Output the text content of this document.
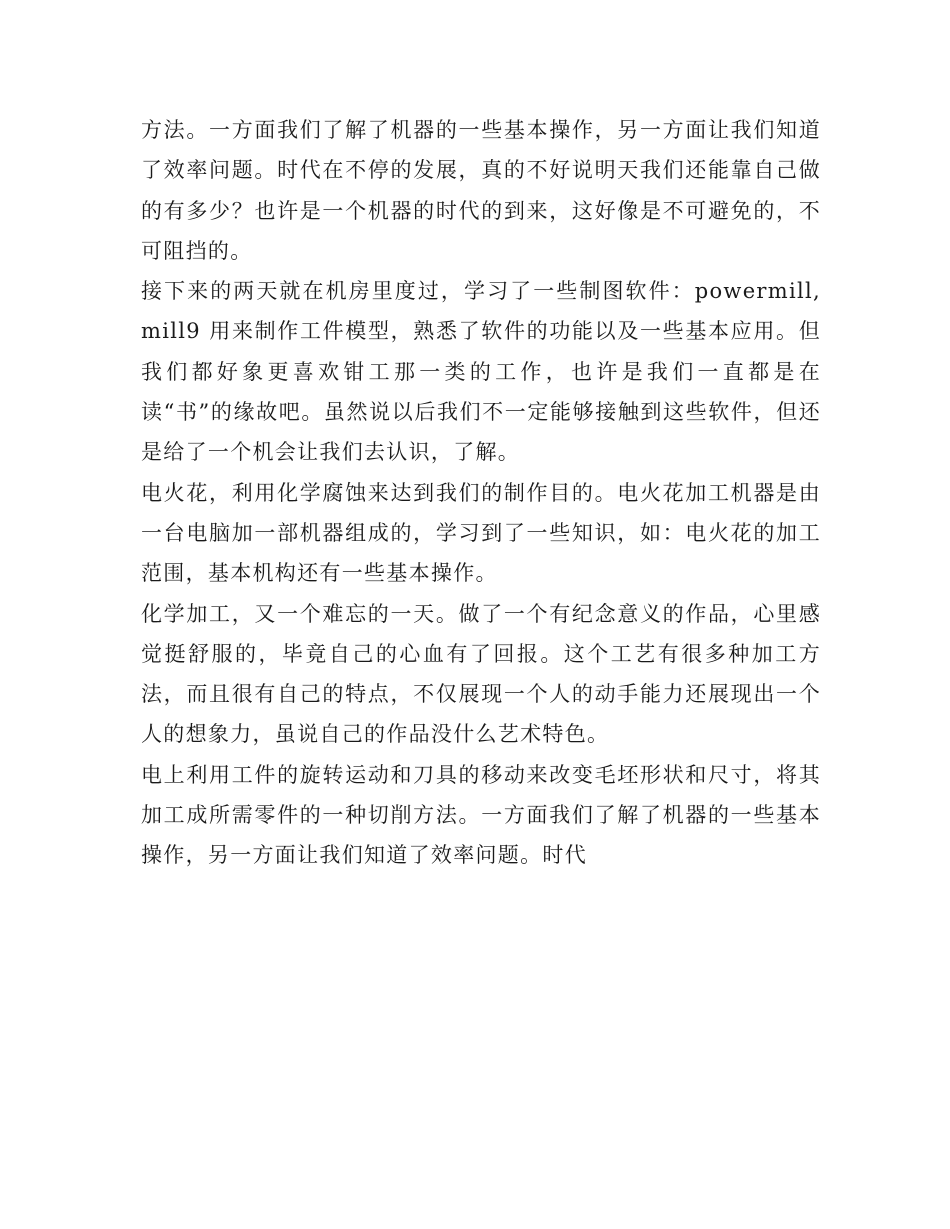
方法。一方面我们了解了机器的一些基本操作，另一方面让我们知道了效率问题。时代在不停的发展，真的不好说明天我们还能靠自己做的有多少？也许是一个机器的时代的到来，这好像是不可避免的，不可阻挡的。

接下来的两天就在机房里度过，学习了一些制图软件：powermill,mill9 用来制作工件模型，熟悉了软件的功能以及一些基本应用。但我们都好象更喜欢钳工那一类的工作，也许是我们一直都是在读“书”的缘故吧。虽然说以后我们不一定能够接触到这些软件，但还是给了一个机会让我们去认识，了解。

电火花，利用化学腐蚀来达到我们的制作目的。电火花加工机器是由一台电脑加一部机器组成的，学习到了一些知识，如：电火花的加工范围，基本机构还有一些基本操作。

化学加工，又一个难忘的一天。做了一个有纪念意义的作品，心里感觉挺舒服的，毕竟自己的心血有了回报。这个工艺有很多种加工方法，而且很有自己的特点，不仅展现一个人的动手能力还展现出一个人的想象力，虽说自己的作品没什么艺术特色。

电上利用工件的旋转运动和刀具的移动来改变毛坯形状和尺寸，将其加工成所需零件的一种切削方法。一方面我们了解了机器的一些基本操作，另一方面让我们知道了效率问题。时代
